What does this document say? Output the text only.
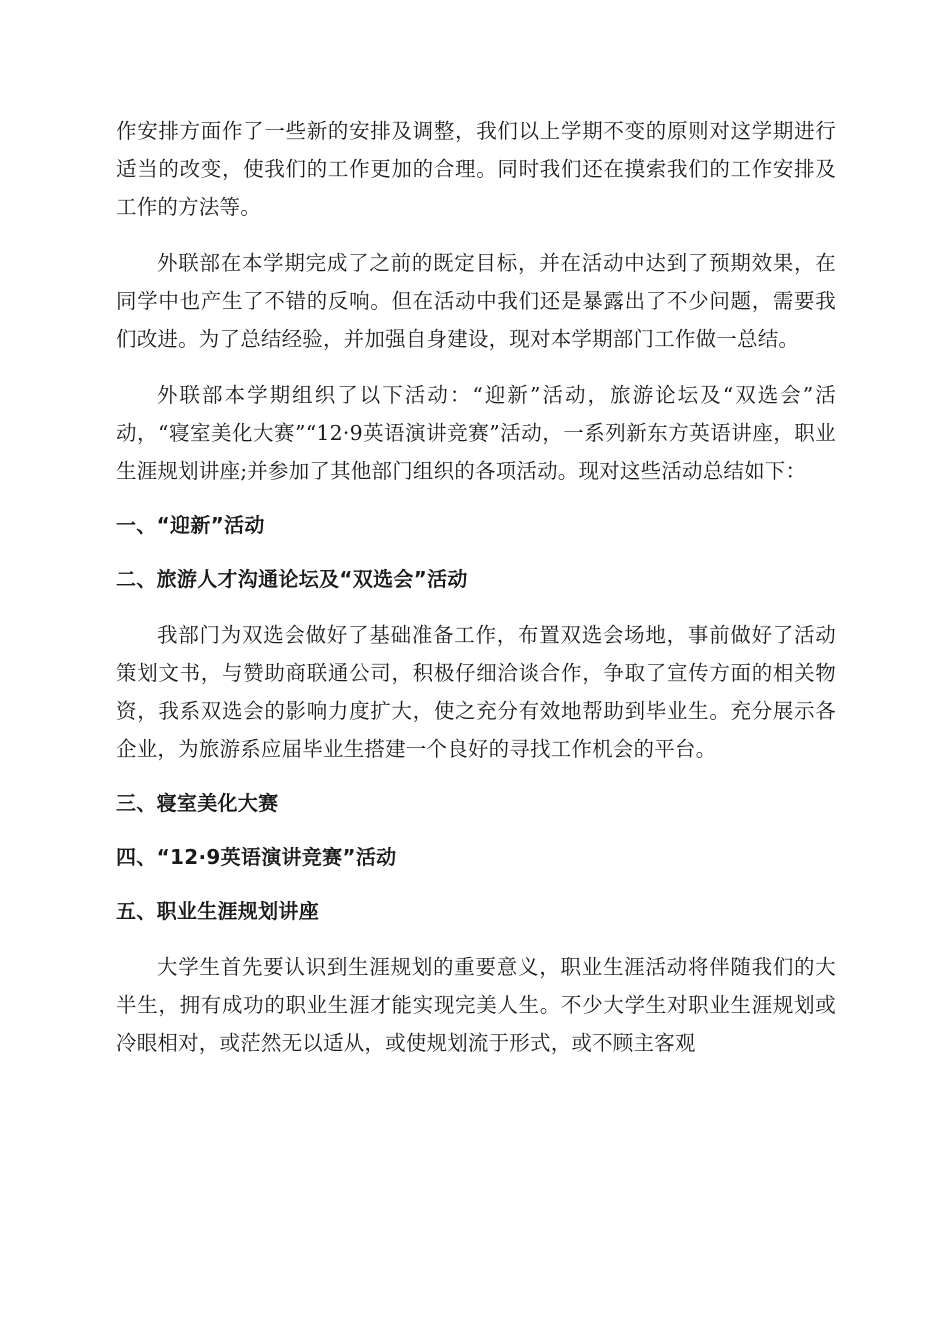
作安排方面作了一些新的安排及调整，我们以上学期不变的原则对这学期进行适当的改变，使我们的工作更加的合理。同时我们还在摸索我们的工作安排及工作的方法等。

外联部在本学期完成了之前的既定目标，并在活动中达到了预期效果，在同学中也产生了不错的反响。但在活动中我们还是暴露出了不少问题，需要我们改进。为了总结经验，并加强自身建设，现对本学期部门工作做一总结。

外联部本学期组织了以下活动：“迎新”活动，旅游论坛及“双选会”活动，“寝室美化大赛”“12·9英语演讲竞赛”活动，一系列新东方英语讲座，职业生涯规划讲座;并参加了其他部门组织的各项活动。现对这些活动总结如下：

一、“迎新”活动
二、旅游人才沟通论坛及“双选会”活动

我部门为双选会做好了基础准备工作，布置双选会场地，事前做好了活动策划文书，与赞助商联通公司，积极仔细洽谈合作，争取了宣传方面的相关物资，我系双选会的影响力度扩大，使之充分有效地帮助到毕业生。充分展示各企业，为旅游系应届毕业生搭建一个良好的寻找工作机会的平台。

三、寝室美化大赛
四、“12·9英语演讲竞赛”活动
五、职业生涯规划讲座

大学生首先要认识到生涯规划的重要意义，职业生涯活动将伴随我们的大半生，拥有成功的职业生涯才能实现完美人生。不少大学生对职业生涯规划或冷眼相对，或茫然无以适从，或使规划流于形式，或不顾主客观
